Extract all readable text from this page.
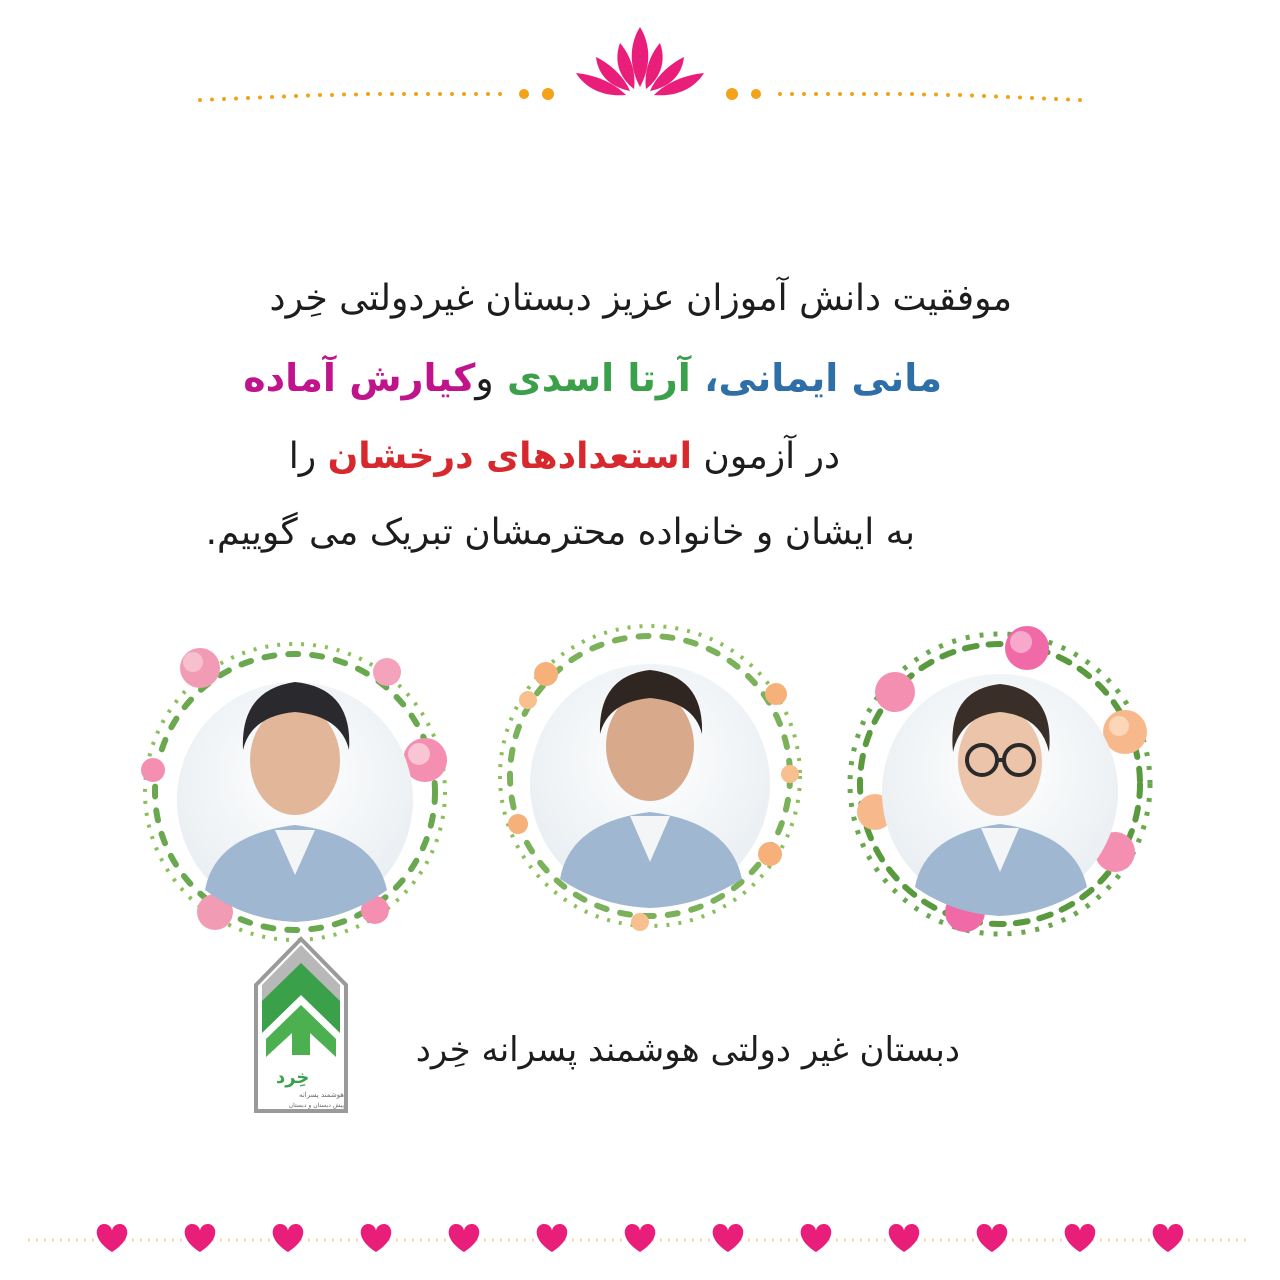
موفقیت دانش آموزان عزیز دبستان غیردولتی خِرد
مانی ایمانی، آرتا اسدی وکیارش آماده
در آزمون استعدادهای درخشان را
به ایشان و خانواده محترمشان تبریک می گوییم.
خِرد
هوشمند پسرانه
پیش دبستان و دبستان
دبستان غیر دولتی هوشمند پسرانه خِرد
